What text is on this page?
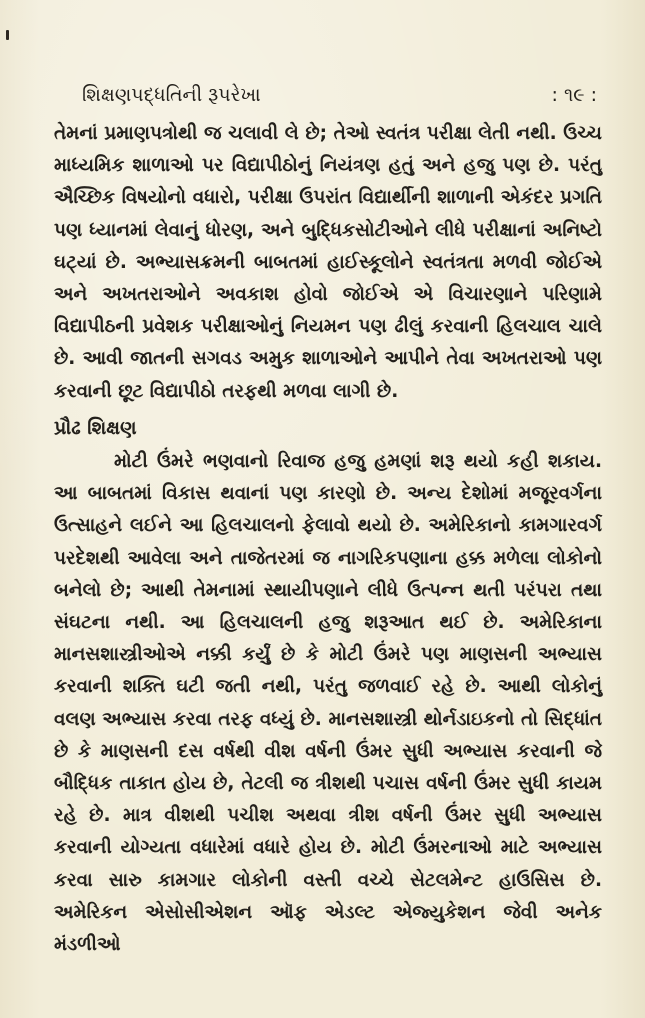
શિક્ષણપદ્ધતિની રૂપરેખા	: ૧૯ :

તેમનાં પ્રમાણપત્રોથી જ ચલાવી લે છે; તેઓ સ્વતંત્ર પરીક્ષા લેતી નથી. ઉચ્ચ માધ્યમિક શાળાઓ પર વિદ્યાપીઠોનું નિયંત્રણ હતું અને હજુ પણ છે. પરંતુ ઐચ્છિક વિષયોનો વધારો, પરીક્ષા ઉપરાંત વિદ્યાર્થીની શાળાની એકંદર પ્રગતિ પણ ધ્યાનમાં લેવાનું ધોરણ, અને બુદ્ધિકસોટીઓને લીધે પરીક્ષાનાં અનિષ્ટો ઘટ્યાં છે. અભ્યાસક્રમની બાબતમાં હાઈસ્કૂલોને સ્વતંત્રતા મળવી જોઈએ અને અખતરાઓને અવકાશ હોવો જોઈએ એ વિચારણાને પરિણામે વિદ્યાપીઠની પ્રવેશક પરીક્ષાઓનું નિયમન પણ ઢીલું કરવાની હિલચાલ ચાલે છે. આવી જાતની સગવડ અમુક શાળાઓને આપીને તેવા અખતરાઓ પણ કરવાની છૂટ વિદ્યાપીઠો તરફથી મળવા લાગી છે.

પ્રૌઢ શિક્ષણ

મોટી ઉંમરે ભણવાનો રિવાજ હજુ હમણાં શરૂ થયો કહી શકાય. આ બાબતમાં વિકાસ થવાનાં પણ કારણો છે. અન્ય દેશોમાં મજૂરવર્ગના ઉત્સાહને લઈને આ હિલચાલનો ફેલાવો થયો છે. અમેરિકાનો કામગારવર્ગ પરદેશથી આવેલા અને તાજેતરમાં જ નાગરિકપણાના હક્ક મળેલા લોકોનો બનેલો છે; આથી તેમનામાં સ્થાયીપણાને લીધે ઉત્પન્ન થતી પરંપરા તથા સંઘટના નથી. આ હિલચાલની હજુ શરૂઆત થઈ છે. અમેરિકાના માનસશાસ્ત્રીઓએ નક્કી કર્યું છે કે મોટી ઉંમરે પણ માણસની અભ્યાસ કરવાની શક્તિ ઘટી જતી નથી, પરંતુ જળવાઈ રહે છે. આથી લોકોનું વલણ અભ્યાસ કરવા તરફ વધ્યું છે. માનસશાસ્ત્રી થોર્નડાઇકનો તો સિદ્ધાંત છે કે માણસની દસ વર્ષથી વીશ વર્ષની ઉંમર સુધી અભ્યાસ કરવાની જે બૌદ્ધિક તાકાત હોય છે, તેટલી જ ત્રીશથી પચાસ વર્ષની ઉંમર સુધી કાયમ રહે છે. માત્ર વીશથી પચીશ અથવા ત્રીશ વર્ષની ઉંમર સુધી અભ્યાસ કરવાની યોગ્યતા વધારેમાં વધારે હોય છે. મોટી ઉંમરનાઓ માટે અભ્યાસ કરવા સારુ કામગાર લોકોની વસ્તી વચ્ચે સેટલમેન્ટ હાઉસિસ છે. અમેરિકન એસોસીએશન ઑફ એડલ્ટ એજ્યુકેશન જેવી અનેક મંડળીઓ
